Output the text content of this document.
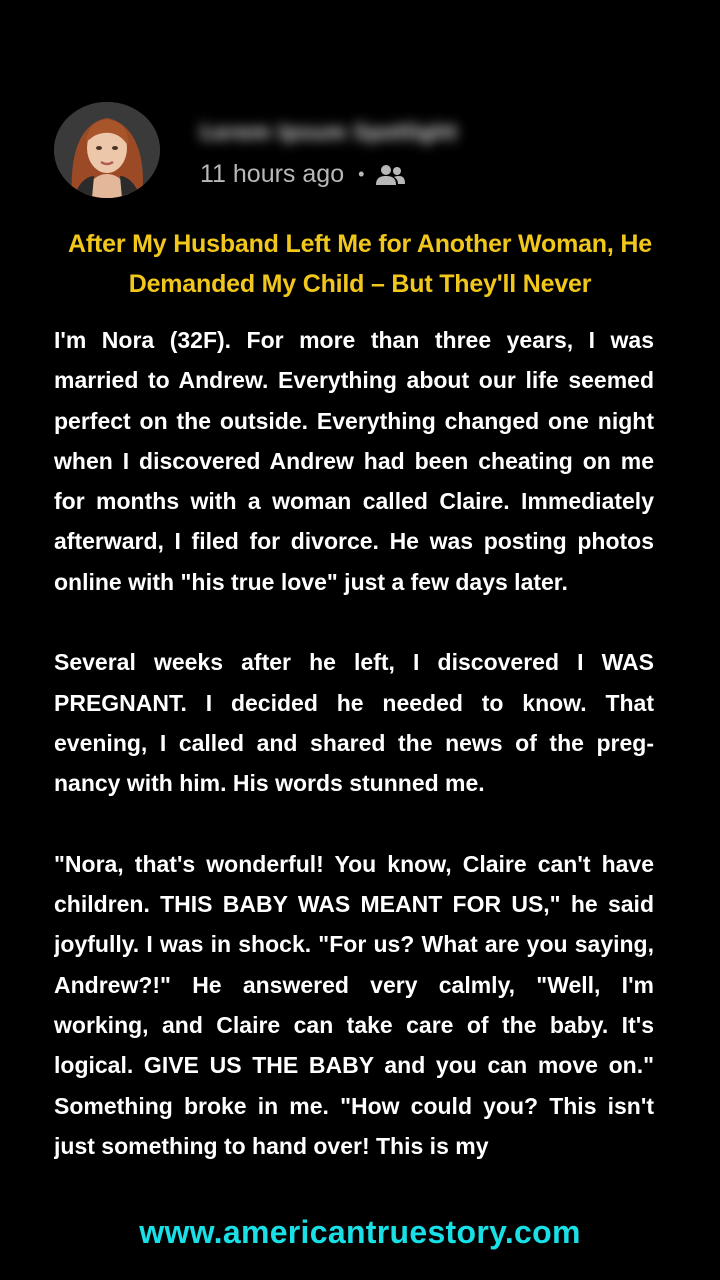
Lorem Ipsum Spotlight
11 hours ago •
After My Husband Left Me for Another Woman, He Demanded My Child – But They'll Never

I'm Nora (32F). For more than three years, I was married to Andrew. Everything about our life seemed perfect on the outside. Everything changed one night when I discovered Andrew had been cheating on me for months with a woman called Claire. Immediately afterward, I filed for divorce. He was posting photos online with "his true love" just a few days later.

Several weeks after he left, I discovered I WAS PREGNANT. I decided he needed to know. That evening, I called and shared the news of the pregnancy with him. His words stunned me.

"Nora, that's wonderful! You know, Claire can't have children. THIS BABY WAS MEANT FOR US," he said joyfully. I was in shock. "For us? What are you saying, Andrew?!" He answered very calmly, "Well, I'm working, and Claire can take care of the baby. It's logical. GIVE US THE BABY and you can move on." Something broke in me. "How could you? This isn't just something to hand over! This is my

www.americantruestory.com
